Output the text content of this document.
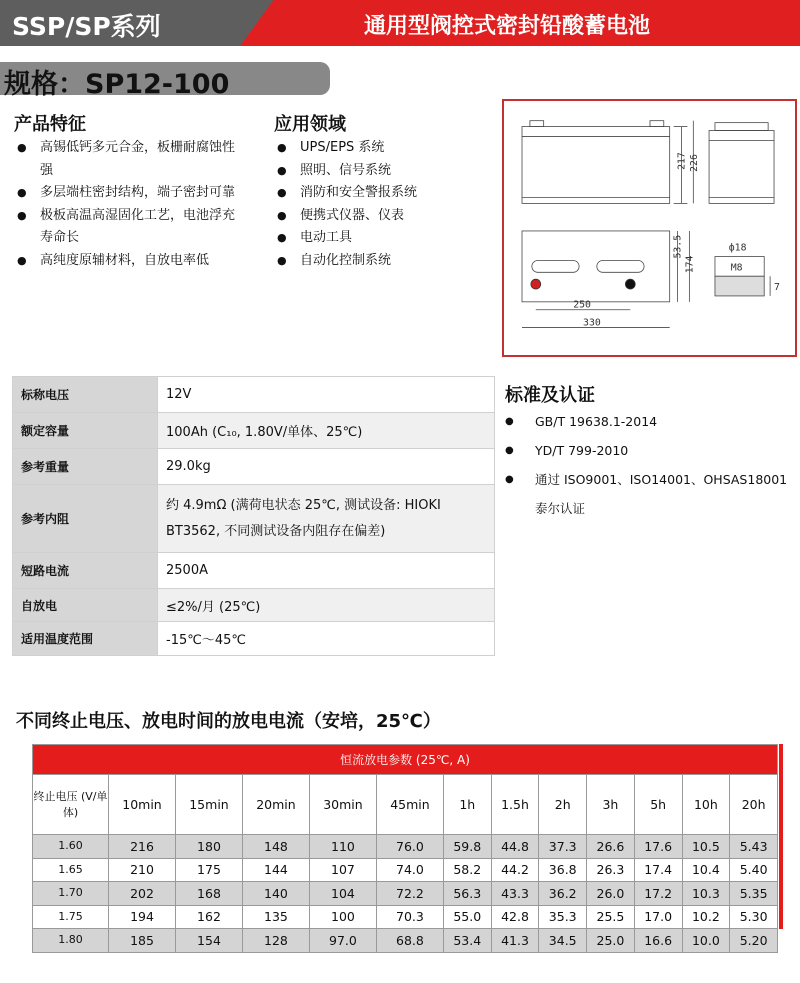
SSP/SP系列	通用型阀控式密封铅酸蓄电池
规格：SP12-100
产品特征
● 高锡低钙多元合金，板栅耐腐蚀性强
● 多层端柱密封结构，端子密封可靠
● 极板高温高湿固化工艺，电池浮充寿命长
● 高纯度原辅材料，自放电率低
应用领域
● UPS/EPS 系统
● 照明、信号系统
● 消防和安全警报系统
● 便携式仪器、仪表
● 电动工具
● 自动化控制系统
217 226
53.5
174
250
330
ф18
M8
7
标称电压	12V
额定容量	100Ah (C₁₀, 1.80V/单体、25℃)
参考重量	29.0kg
参考内阻	约 4.9mΩ (满荷电状态 25℃, 测试设备: HIOKI BT3562, 不同测试设备内阻存在偏差)
短路电流	2500A
自放电	≤2%/月 (25℃)
适用温度范围	-15℃～45℃
标准及认证
● GB/T 19638.1-2014
● YD/T 799-2010
● 通过 ISO9001、ISO14001、OHSAS18001 泰尔认证
不同终止电压、放电时间的放电电流（安培，25℃）
恒流放电参数 (25℃, A)												
终止电压 (V/单体)	10min	15min	20min	30min	45min	1h	1.5h	2h	3h	5h	10h	20h
1.60	216	180	148	110	76.0	59.8	44.8	37.3	26.6	17.6	10.5	5.43
1.65	210	175	144	107	74.0	58.2	44.2	36.8	26.3	17.4	10.4	5.40
1.70	202	168	140	104	72.2	56.3	43.3	36.2	26.0	17.2	10.3	5.35
1.75	194	162	135	100	70.3	55.0	42.8	35.3	25.5	17.0	10.2	5.30
1.80	185	154	128	97.0	68.8	53.4	41.3	34.5	25.0	16.6	10.0	5.20
